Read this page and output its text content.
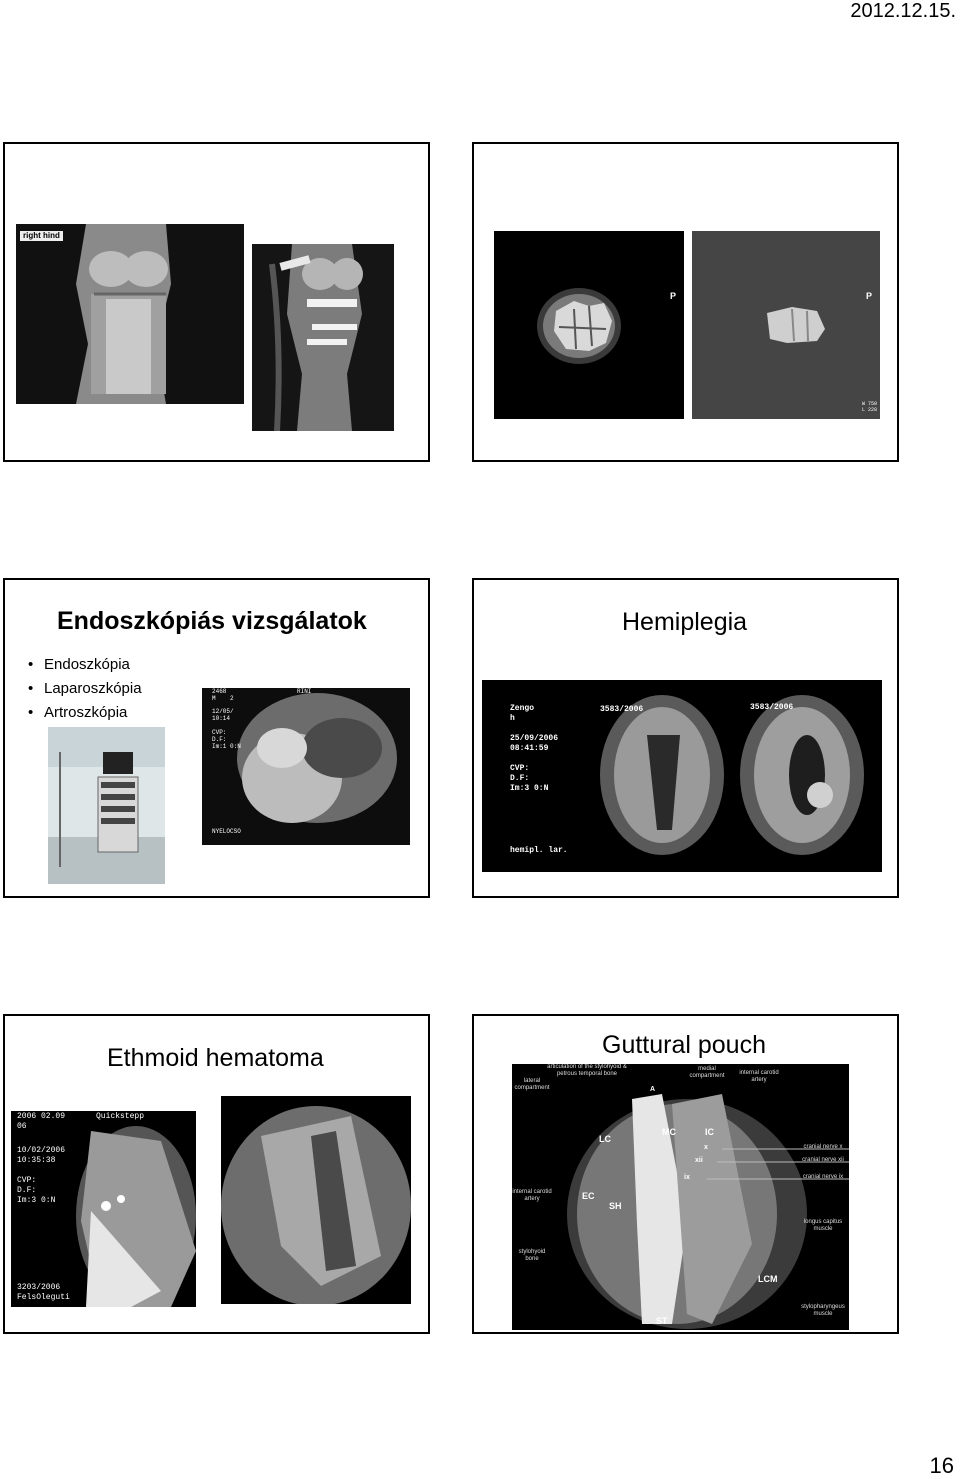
2012.12.15.
right hind
P	P
W 750
L 228
Endoszkópiás vizsgálatok
• Endoszkópia
• Laparoszkópia
• Artroszkópia
2468
M    2
RINI
12/05/
10:14

CVP:
D.F:
Im:1 0:N
NYELOCSO
Hemiplegia
Zengo
h

25/09/2006
08:41:59

CVP:
D.F:
Im:3 0:N
3583/2006	3583/2006
hemipl. lar.
Ethmoid hematoma
2006 02.09	Quickstepp
06
10/02/2006
10:35:38

CVP:
D.F:
Im:3 0:N
3203/2006
FelsOleguti
Guttural pouch
lateral compartment
internal carotid artery
stylohyoid bone
articulation of the stylohyoid & petrous temporal bone
medial compartment	internal carotid artery
cranial nerve x
cranial nerve xii
cranial nerve ix
longus capitus muscle
stylopharyngeus muscle
LC
MC	IC
EC
SH
ST
LCM
x
xii
ix
A
16
